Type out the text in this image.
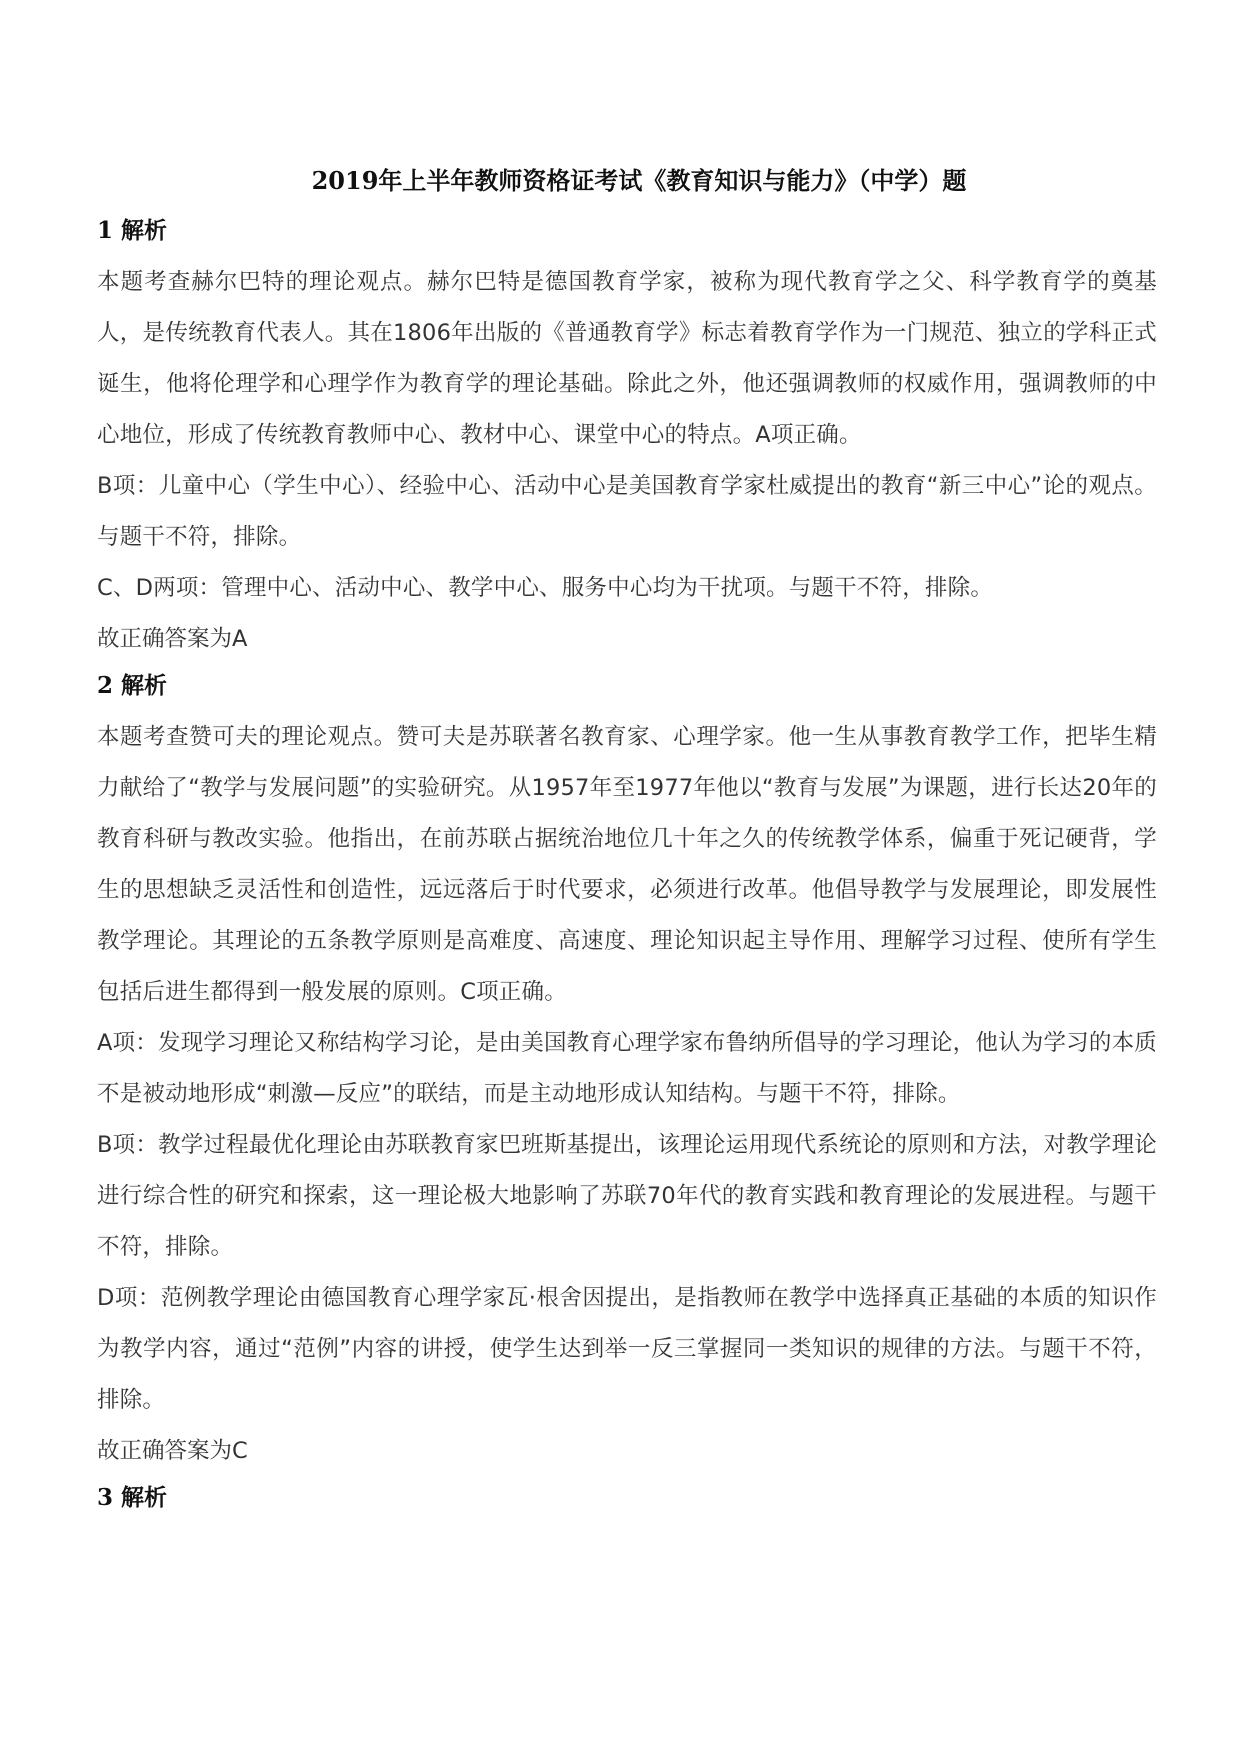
2019年上半年教师资格证考试《教育知识与能力》（中学）题
1 解析

本题考查赫尔巴特的理论观点。赫尔巴特是德国教育学家，被称为现代教育学之父、科学教育学的奠基人，是传统教育代表人。其在1806年出版的《普通教育学》标志着教育学作为一门规范、独立的学科正式诞生，他将伦理学和心理学作为教育学的理论基础。除此之外，他还强调教师的权威作用，强调教师的中心地位，形成了传统教育教师中心、教材中心、课堂中心的特点。A项正确。

B项：儿童中心（学生中心）、经验中心、活动中心是美国教育学家杜威提出的教育“新三中心”论的观点。与题干不符，排除。

C、D两项：管理中心、活动中心、教学中心、服务中心均为干扰项。与题干不符，排除。

故正确答案为A

2 解析

本题考查赞可夫的理论观点。赞可夫是苏联著名教育家、心理学家。他一生从事教育教学工作，把毕生精力献给了“教学与发展问题”的实验研究。从1957年至1977年他以“教育与发展”为课题，进行长达20年的教育科研与教改实验。他指出，在前苏联占据统治地位几十年之久的传统教学体系，偏重于死记硬背，学生的思想缺乏灵活性和创造性，远远落后于时代要求，必须进行改革。他倡导教学与发展理论，即发展性教学理论。其理论的五条教学原则是高难度、高速度、理论知识起主导作用、理解学习过程、使所有学生包括后进生都得到一般发展的原则。C项正确。

A项：发现学习理论又称结构学习论，是由美国教育心理学家布鲁纳所倡导的学习理论，他认为学习的本质不是被动地形成“刺激—反应”的联结，而是主动地形成认知结构。与题干不符，排除。

B项：教学过程最优化理论由苏联教育家巴班斯基提出，该理论运用现代系统论的原则和方法，对教学理论进行综合性的研究和探索，这一理论极大地影响了苏联70年代的教育实践和教育理论的发展进程。与题干不符，排除。

D项：范例教学理论由德国教育心理学家瓦·根舍因提出，是指教师在教学中选择真正基础的本质的知识作为教学内容，通过“范例”内容的讲授，使学生达到举一反三掌握同一类知识的规律的方法。与题干不符，排除。

故正确答案为C

3 解析
